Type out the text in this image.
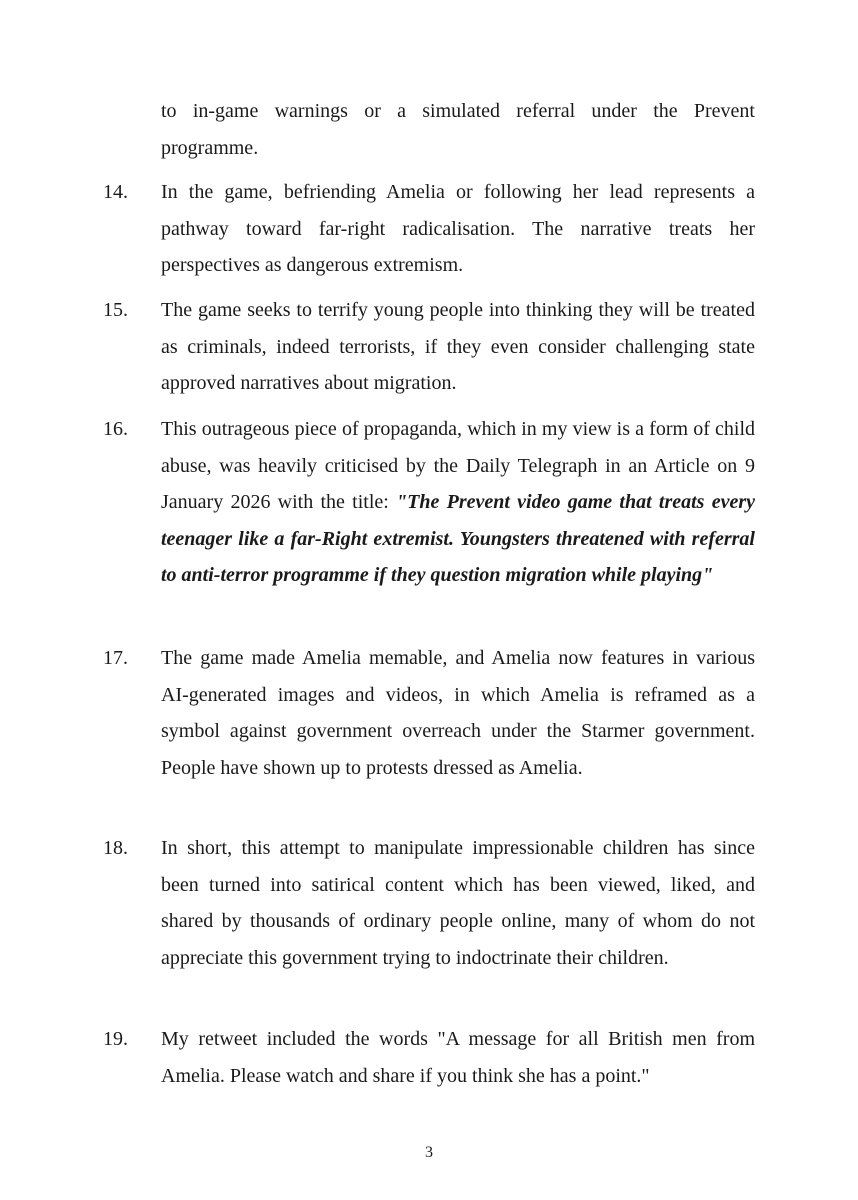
to in-game warnings or a simulated referral under the Prevent programme.
14.	In the game, befriending Amelia or following her lead represents a pathway toward far-right radicalisation. The narrative treats her perspectives as dangerous extremism.
15.	The game seeks to terrify young people into thinking they will be treated as criminals, indeed terrorists, if they even consider challenging state approved narratives about migration.
16.	This outrageous piece of propaganda, which in my view is a form of child abuse, was heavily criticised by the Daily Telegraph in an Article on 9 January 2026 with the title: "The Prevent video game that treats every teenager like a far-Right extremist. Youngsters threatened with referral to anti-terror programme if they question migration while playing"
17.	The game made Amelia memable, and Amelia now features in various AI-generated images and videos, in which Amelia is reframed as a symbol against government overreach under the Starmer government. People have shown up to protests dressed as Amelia.
18.	In short, this attempt to manipulate impressionable children has since been turned into satirical content which has been viewed, liked, and shared by thousands of ordinary people online, many of whom do not appreciate this government trying to indoctrinate their children.
19.	My retweet included the words "A message for all British men from Amelia. Please watch and share if you think she has a point."
3
